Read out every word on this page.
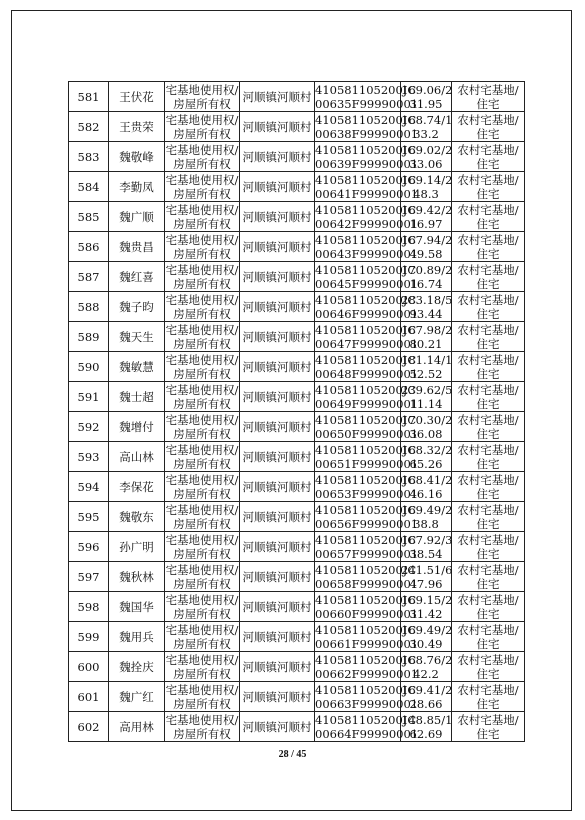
581	王伏花	宅基地使用权/
房屋所有权	河顺镇河顺村	410581105200JC
00635F99990001	169.06/2
31.95	农村宅基地/
住宅

582	王贵荣	宅基地使用权/
房屋所有权	河顺镇河顺村	410581105200JC
00638F99990001	168.74/1
33.2	农村宅基地/
住宅

583	魏敬峰	宅基地使用权/
房屋所有权	河顺镇河顺村	410581105200JC
00639F99990001	169.02/2
33.06	农村宅基地/
住宅

584	李勤凤	宅基地使用权/
房屋所有权	河顺镇河顺村	410581105200JC
00641F99990001	169.14/2
48.3	农村宅基地/
住宅

585	魏广顺	宅基地使用权/
房屋所有权	河顺镇河顺村	410581105200JC
00642F99990001	169.42/2
16.97	农村宅基地/
住宅

586	魏贵昌	宅基地使用权/
房屋所有权	河顺镇河顺村	410581105200JC
00643F99990001	167.94/2
49.58	农村宅基地/
住宅

587	魏红喜	宅基地使用权/
房屋所有权	河顺镇河顺村	410581105200JC
00645F99990001	170.89/2
16.74	农村宅基地/
住宅

588	魏子昀	宅基地使用权/
房屋所有权	河顺镇河顺村	410581105200JC
00646F99990001	283.18/5
93.44	农村宅基地/
住宅

589	魏天生	宅基地使用权/
房屋所有权	河顺镇河顺村	410581105200JC
00647F99990001	167.98/2
80.21	农村宅基地/
住宅

590	魏敏慧	宅基地使用权/
房屋所有权	河顺镇河顺村	410581105200JC
00648F99990001	181.14/1
52.52	农村宅基地/
住宅

591	魏士超	宅基地使用权/
房屋所有权	河顺镇河顺村	410581105200JC
00649F99990001	239.62/5
11.14	农村宅基地/
住宅

592	魏增付	宅基地使用权/
房屋所有权	河顺镇河顺村	410581105200JC
00650F99990001	170.30/2
36.08	农村宅基地/
住宅

593	高山林	宅基地使用权/
房屋所有权	河顺镇河顺村	410581105200JC
00651F99990001	168.32/2
65.26	农村宅基地/
住宅

594	李保花	宅基地使用权/
房屋所有权	河顺镇河顺村	410581105200JC
00653F99990001	168.41/2
46.16	农村宅基地/
住宅

595	魏敬东	宅基地使用权/
房屋所有权	河顺镇河顺村	410581105200JC
00656F99990001	169.49/2
38.8	农村宅基地/
住宅

596	孙广明	宅基地使用权/
房屋所有权	河顺镇河顺村	410581105200JC
00657F99990001	167.92/3
38.54	农村宅基地/
住宅

597	魏秋林	宅基地使用权/
房屋所有权	河顺镇河顺村	410581105200JC
00658F99990001	241.51/6
47.96	农村宅基地/
住宅

598	魏国华	宅基地使用权/
房屋所有权	河顺镇河顺村	410581105200JC
00660F99990001	169.15/2
31.42	农村宅基地/
住宅

599	魏用兵	宅基地使用权/
房屋所有权	河顺镇河顺村	410581105200JC
00661F99990001	169.49/2
30.49	农村宅基地/
住宅

600	魏拴庆	宅基地使用权/
房屋所有权	河顺镇河顺村	410581105200JC
00662F99990001	168.76/2
42.2	农村宅基地/
住宅

601	魏广红	宅基地使用权/
房屋所有权	河顺镇河顺村	410581105200JC
00663F99990001	169.41/2
28.66	农村宅基地/
住宅

602	高用林	宅基地使用权/
房屋所有权	河顺镇河顺村	410581105200JC
00664F99990001	148.85/1
62.69	农村宅基地/
住宅
28 / 45
